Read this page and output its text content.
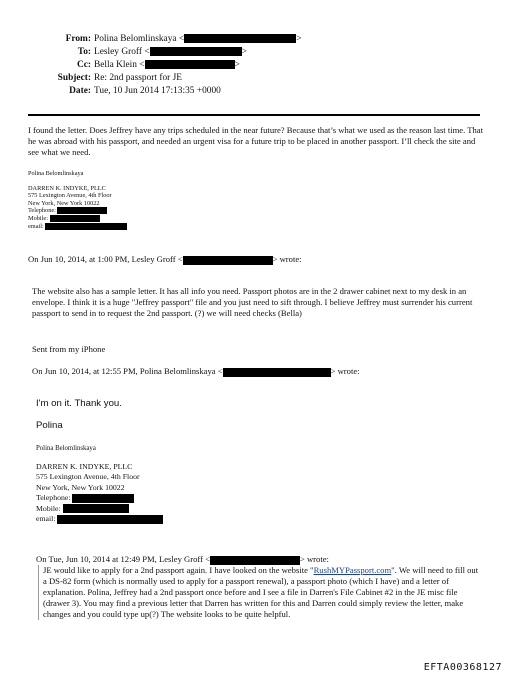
From: Polina Belomlinskaya <	>
To: Lesley Groff <	>
Cc: Bella Klein <	>
Subject: Re: 2nd passport for JE
Date: Tue, 10 Jun 2014 17:13:35 +0000
I found the letter. Does Jeffrey have any trips scheduled in the near future? Because that’s what we used as the reason last time. That he was abroad with his passport, and needed an urgent visa for a future trip to be placed in another passport. I’ll check the site and see what we need.
Polina Belomlinskaya
DARREN K. INDYKE, PLLC
575 Lexington Avenue, 4th Floor
New York, New York 10022
Telephone:
Mobile:
email:
On Jun 10, 2014, at 1:00 PM, Lesley Groff <	> wrote:
The website also has a sample letter. It has all info you need. Passport photos are in the 2 drawer cabinet next to my desk in an envelope. I think it is a huge "Jeffrey passport" file and you just need to sift through. I believe Jeffrey must surrender his current passport to send in to request the 2nd passport. (?) we will need checks (Bella)
Sent from my iPhone
On Jun 10, 2014, at 12:55 PM, Polina Belomlinskaya <	> wrote:
I'm on it. Thank you.
Polina
Polina Belomlinskaya
DARREN K. INDYKE, PLLC
575 Lexington Avenue, 4th Floor
New York, New York 10022
Telephone:
Mobile:
email:
On Tue, Jun 10, 2014 at 12:49 PM, Lesley Groff <	> wrote:
JE would like to apply for a 2nd passport again. I have looked on the website "RushMYPassport.com". We will need to fill out a DS-82 form (which is normally used to apply for a passport renewal), a passport photo (which I have) and a letter of explanation. Polina, Jeffrey had a 2nd passport once before and I see a file in Darren's File Cabinet #2 in the JE misc file (drawer 3). You may find a previous letter that Darren has written for this and Darren could simply review the letter, make changes and you could type up(?) The website looks to be quite helpful.
EFTA00368127
